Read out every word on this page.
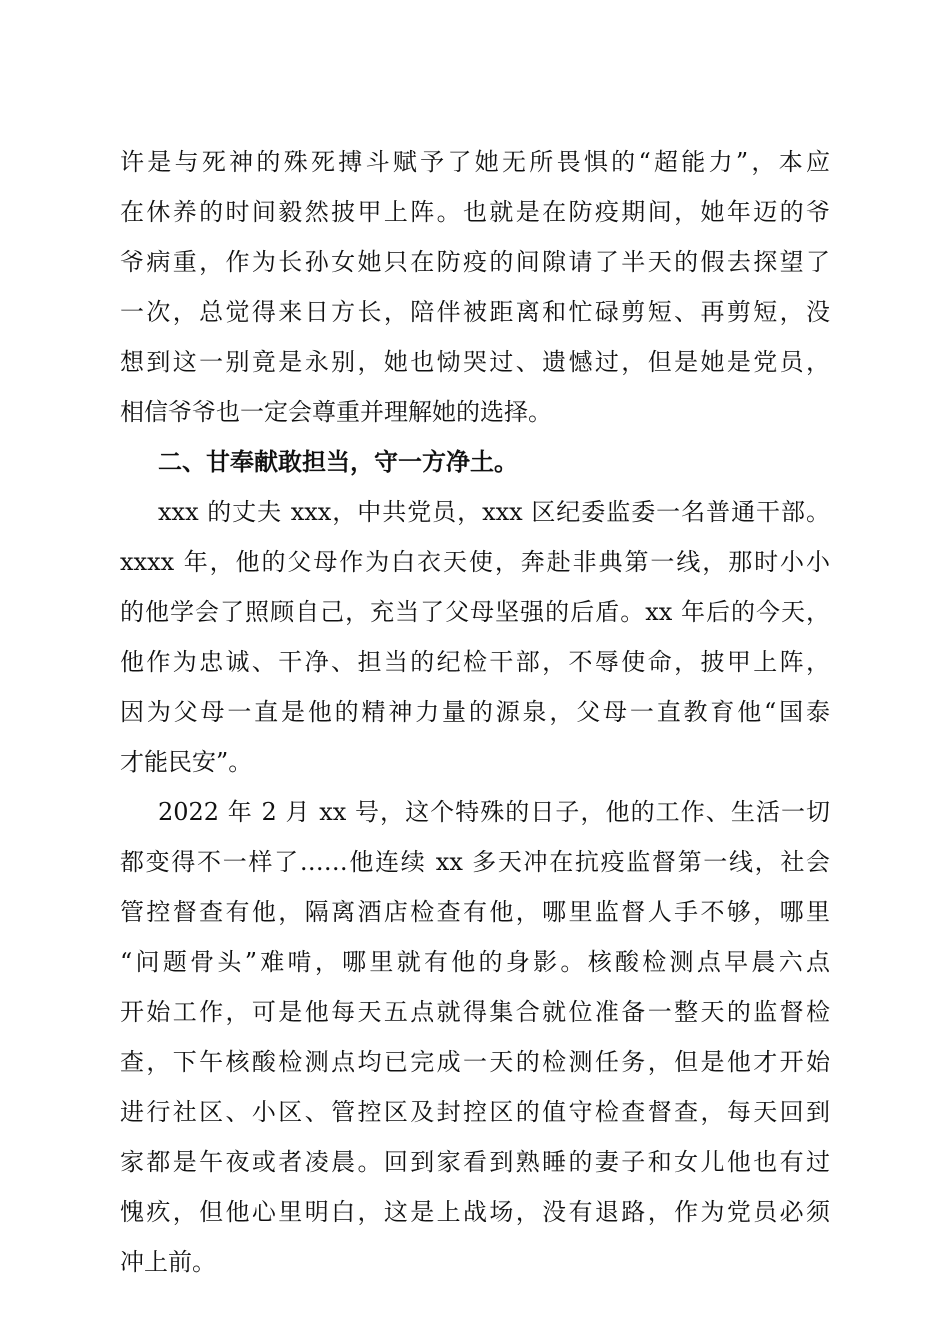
许是与死神的殊死搏斗赋予了她无所畏惧的“超能力”，本应
在休养的时间毅然披甲上阵。也就是在防疫期间，她年迈的爷
爷病重，作为长孙女她只在防疫的间隙请了半天的假去探望了
一次，总觉得来日方长，陪伴被距离和忙碌剪短、再剪短，没
想到这一别竟是永别，她也恸哭过、遗憾过，但是她是党员，
相信爷爷也一定会尊重并理解她的选择。
二、甘奉献敢担当，守一方净土。
xxx 的丈夫 xxx，中共党员，xxx 区纪委监委一名普通干部。
xxxx 年，他的父母作为白衣天使，奔赴非典第一线，那时小小
的他学会了照顾自己，充当了父母坚强的后盾。xx 年后的今天，
他作为忠诚、干净、担当的纪检干部，不辱使命，披甲上阵，
因为父母一直是他的精神力量的源泉，父母一直教育他“国泰
才能民安”。
2022 年 2 月 xx 号，这个特殊的日子，他的工作、生活一切
都变得不一样了……他连续 xx 多天冲在抗疫监督第一线，社会
管控督查有他，隔离酒店检查有他，哪里监督人手不够，哪里
“问题骨头”难啃，哪里就有他的身影。核酸检测点早晨六点
开始工作，可是他每天五点就得集合就位准备一整天的监督检
查，下午核酸检测点均已完成一天的检测任务，但是他才开始
进行社区、小区、管控区及封控区的值守检查督查，每天回到
家都是午夜或者凌晨。回到家看到熟睡的妻子和女儿他也有过
愧疚，但他心里明白，这是上战场，没有退路，作为党员必须
冲上前。
